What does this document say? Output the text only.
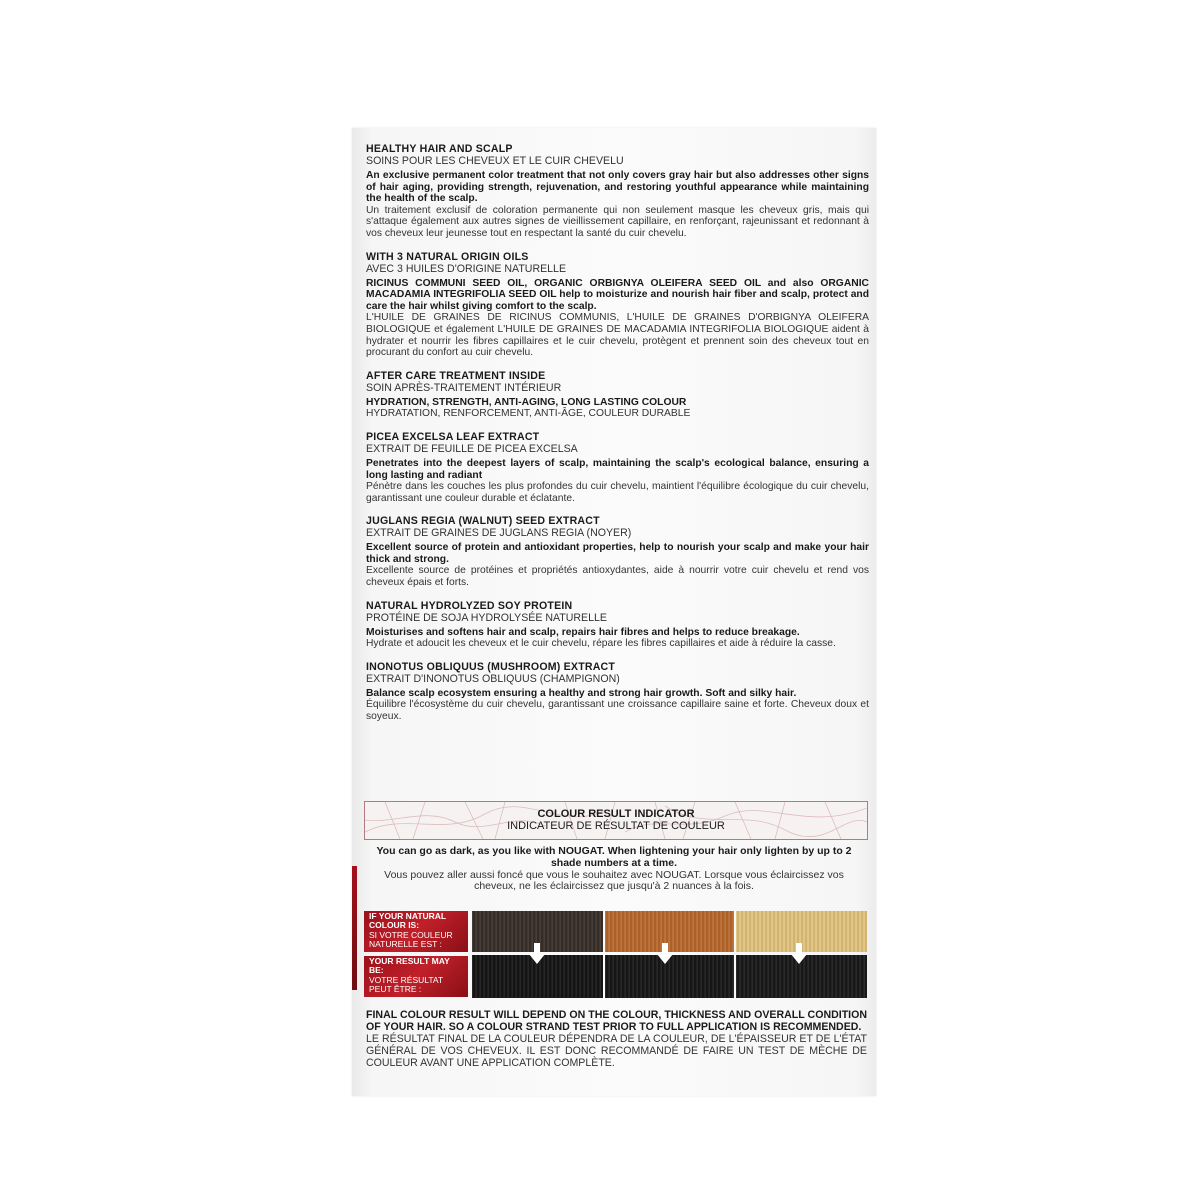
HEALTHY HAIR AND SCALP
SOINS POUR LES CHEVEUX ET LE CUIR CHEVELU
An exclusive permanent color treatment that not only covers gray hair but also addresses other signs of hair aging, providing strength, rejuvenation, and restoring youthful appearance while maintaining the health of the scalp.
Un traitement exclusif de coloration permanente qui non seulement masque les cheveux gris, mais qui s'attaque également aux autres signes de vieillissement capillaire, en renforçant, rajeunissant et redonnant à vos cheveux leur jeunesse tout en respectant la santé du cuir chevelu.
WITH 3 NATURAL ORIGIN OILS
AVEC 3 HUILES D'ORIGINE NATURELLE
RICINUS COMMUNI SEED OIL, ORGANIC ORBIGNYA OLEIFERA SEED OIL and also ORGANIC MACADAMIA INTEGRIFOLIA SEED OIL help to moisturize and nourish hair fiber and scalp, protect and care the hair whilst giving comfort to the scalp.
L'HUILE DE GRAINES DE RICINUS COMMUNIS, L'HUILE DE GRAINES D'ORBIGNYA OLEIFERA BIOLOGIQUE et également L'HUILE DE GRAINES DE MACADAMIA INTEGRIFOLIA BIOLOGIQUE aident à hydrater et nourrir les fibres capillaires et le cuir chevelu, protègent et prennent soin des cheveux tout en procurant du confort au cuir chevelu.
AFTER CARE TREATMENT INSIDE
SOIN APRÈS-TRAITEMENT INTÉRIEUR
HYDRATION, STRENGTH, ANTI-AGING, LONG LASTING COLOUR
HYDRATATION, RENFORCEMENT, ANTI-ÂGE, COULEUR DURABLE
PICEA EXCELSA LEAF EXTRACT
EXTRAIT DE FEUILLE DE PICEA EXCELSA
Penetrates into the deepest layers of scalp, maintaining the scalp's ecological balance, ensuring a long lasting and radiant
Pénètre dans les couches les plus profondes du cuir chevelu, maintient l'équilibre écologique du cuir chevelu, garantissant une couleur durable et éclatante.
JUGLANS REGIA (WALNUT) SEED EXTRACT
EXTRAIT DE GRAINES DE JUGLANS REGIA (NOYER)
Excellent source of protein and antioxidant properties, help to nourish your scalp and make your hair thick and strong.
Excellente source de protéines et propriétés antioxydantes, aide à nourrir votre cuir chevelu et rend vos cheveux épais et forts.
NATURAL HYDROLYZED SOY PROTEIN
PROTÉINE DE SOJA HYDROLYSÉE NATURELLE
Moisturises and softens hair and scalp, repairs hair fibres and helps to reduce breakage.
Hydrate et adoucit les cheveux et le cuir chevelu, répare les fibres capillaires et aide à réduire la casse.
INONOTUS OBLIQUUS (MUSHROOM) EXTRACT
EXTRAIT D'INONOTUS OBLIQUUS (CHAMPIGNON)
Balance scalp ecosystem ensuring a healthy and strong hair growth. Soft and silky hair.
Équilibre l'écosystème du cuir chevelu, garantissant une croissance capillaire saine et forte. Cheveux doux et soyeux.
COLOUR RESULT INDICATOR
INDICATEUR DE RÉSULTAT DE COULEUR
You can go as dark, as you like with NOUGAT. When lightening your hair only lighten by up to 2 shade numbers at a time.
Vous pouvez aller aussi foncé que vous le souhaitez avec NOUGAT. Lorsque vous éclaircissez vos cheveux, ne les éclaircissez que jusqu'à 2 nuances à la fois.
IF YOUR NATURAL COLOUR IS:
SI VOTRE COULEUR NATURELLE EST :
YOUR RESULT MAY BE:
VOTRE RÉSULTAT PEUT ÊTRE :
FINAL COLOUR RESULT WILL DEPEND ON THE COLOUR, THICKNESS AND OVERALL CONDITION OF YOUR HAIR. SO A COLOUR STRAND TEST PRIOR TO FULL APPLICATION IS RECOMMENDED.
LE RÉSULTAT FINAL DE LA COULEUR DÉPENDRA DE LA COULEUR, DE L'ÉPAISSEUR ET DE L'ÉTAT GÉNÉRAL DE VOS CHEVEUX. IL EST DONC RECOMMANDÉ DE FAIRE UN TEST DE MÈCHE DE COULEUR AVANT UNE APPLICATION COMPLÈTE.
